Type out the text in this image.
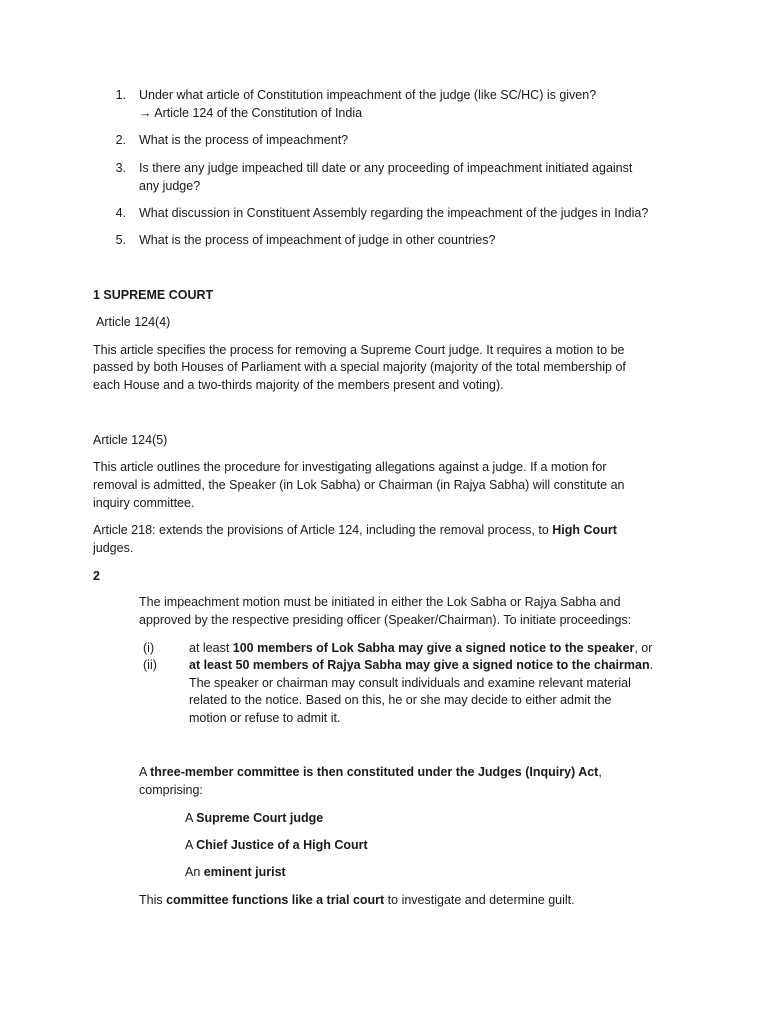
1. Under what article of Constitution impeachment of the judge (like SC/HC) is given?
→ Article 124 of the Constitution of India
2. What is the process of impeachment?
3. Is there any judge impeached till date or any proceeding of impeachment initiated against
any judge?
4. What discussion in Constituent Assembly regarding the impeachment of the judges in India?
5. What is the process of impeachment of judge in other countries?
1 SUPREME COURT
Article 124(4)
This article specifies the process for removing a Supreme Court judge. It requires a motion to be
passed by both Houses of Parliament with a special majority (majority of the total membership of
each House and a two-thirds majority of the members present and voting).
Article 124(5)
This article outlines the procedure for investigating allegations against a judge. If a motion for
removal is admitted, the Speaker (in Lok Sabha) or Chairman (in Rajya Sabha) will constitute an
inquiry committee.
Article 218: extends the provisions of Article 124, including the removal process, to High Court
judges.
2
The impeachment motion must be initiated in either the Lok Sabha or Rajya Sabha and
approved by the respective presiding officer (Speaker/Chairman). To initiate proceedings:
(i)	at least 100 members of Lok Sabha may give a signed notice to the speaker, or
(ii)	at least 50 members of Rajya Sabha may give a signed notice to the chairman.
The speaker or chairman may consult individuals and examine relevant material
related to the notice. Based on this, he or she may decide to either admit the
motion or refuse to admit it.
A three-member committee is then constituted under the Judges (Inquiry) Act,
comprising:
A Supreme Court judge
A Chief Justice of a High Court
An eminent jurist
This committee functions like a trial court to investigate and determine guilt.
